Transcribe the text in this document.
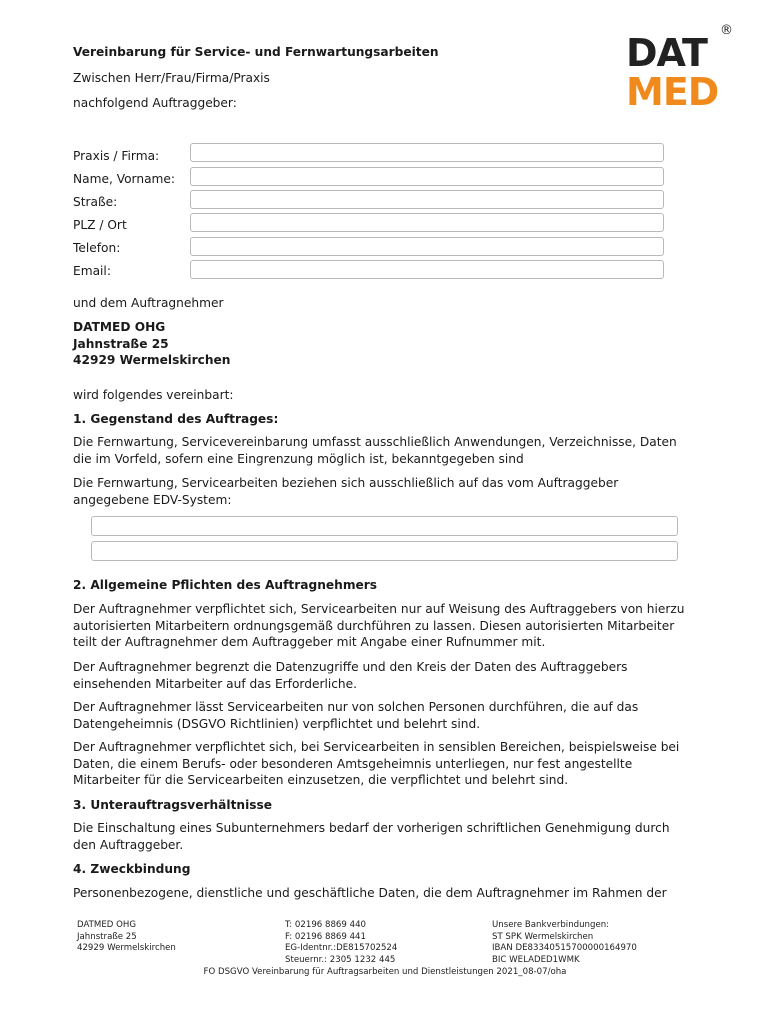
DAT
MED
®
Vereinbarung für Service- und Fernwartungsarbeiten
Zwischen Herr/Frau/Firma/Praxis
nachfolgend Auftraggeber:
Praxis / Firma:
Name, Vorname:
Straße:
PLZ / Ort
Telefon:
Email:
und dem Auftragnehmer
DATMED OHG
Jahnstraße 25
42929 Wermelskirchen
wird folgendes vereinbart:
1. Gegenstand des Auftrages:
Die Fernwartung, Servicevereinbarung umfasst ausschließlich Anwendungen, Verzeichnisse, Daten die im Vorfeld, sofern eine Eingrenzung möglich ist, bekanntgegeben sind
Die Fernwartung, Servicearbeiten beziehen sich ausschließlich auf das vom Auftraggeber angegebene EDV-System:
2. Allgemeine Pflichten des Auftragnehmers
Der Auftragnehmer verpflichtet sich, Servicearbeiten nur auf Weisung des Auftraggebers von hierzu autorisierten Mitarbeitern ordnungsgemäß durchführen zu lassen. Diesen autorisierten Mitarbeiter teilt der Auftragnehmer dem Auftraggeber mit Angabe einer Rufnummer mit.
Der Auftragnehmer begrenzt die Datenzugriffe und den Kreis der Daten des Auftraggebers einsehenden Mitarbeiter auf das Erforderliche.
Der Auftragnehmer lässt Servicearbeiten nur von solchen Personen durchführen, die auf das Datengeheimnis (DSGVO Richtlinien) verpflichtet und belehrt sind.
Der Auftragnehmer verpflichtet sich, bei Servicearbeiten in sensiblen Bereichen, beispielsweise bei Daten, die einem Berufs- oder besonderen Amtsgeheimnis unterliegen, nur fest angestellte Mitarbeiter für die Servicearbeiten einzusetzen, die verpflichtet und belehrt sind.
3. Unterauftragsverhältnisse
Die Einschaltung eines Subunternehmers bedarf der vorherigen schriftlichen Genehmigung durch den Auftraggeber.
4. Zweckbindung
Personenbezogene, dienstliche und geschäftliche Daten, die dem Auftragnehmer im Rahmen der
DATMED OHG
Jahnstraße 25
42929 Wermelskirchen
T: 02196 8869 440
F: 02196 8869 441
EG-Identnr.:DE815702524
Steuernr.: 2305 1232 445
Unsere Bankverbindungen:
ST SPK Wermelskirchen
IBAN DE83340515700000164970
BIC WELADED1WMK
FO DSGVO Vereinbarung für Auftragsarbeiten und Dienstleistungen 2021_08-07/oha
